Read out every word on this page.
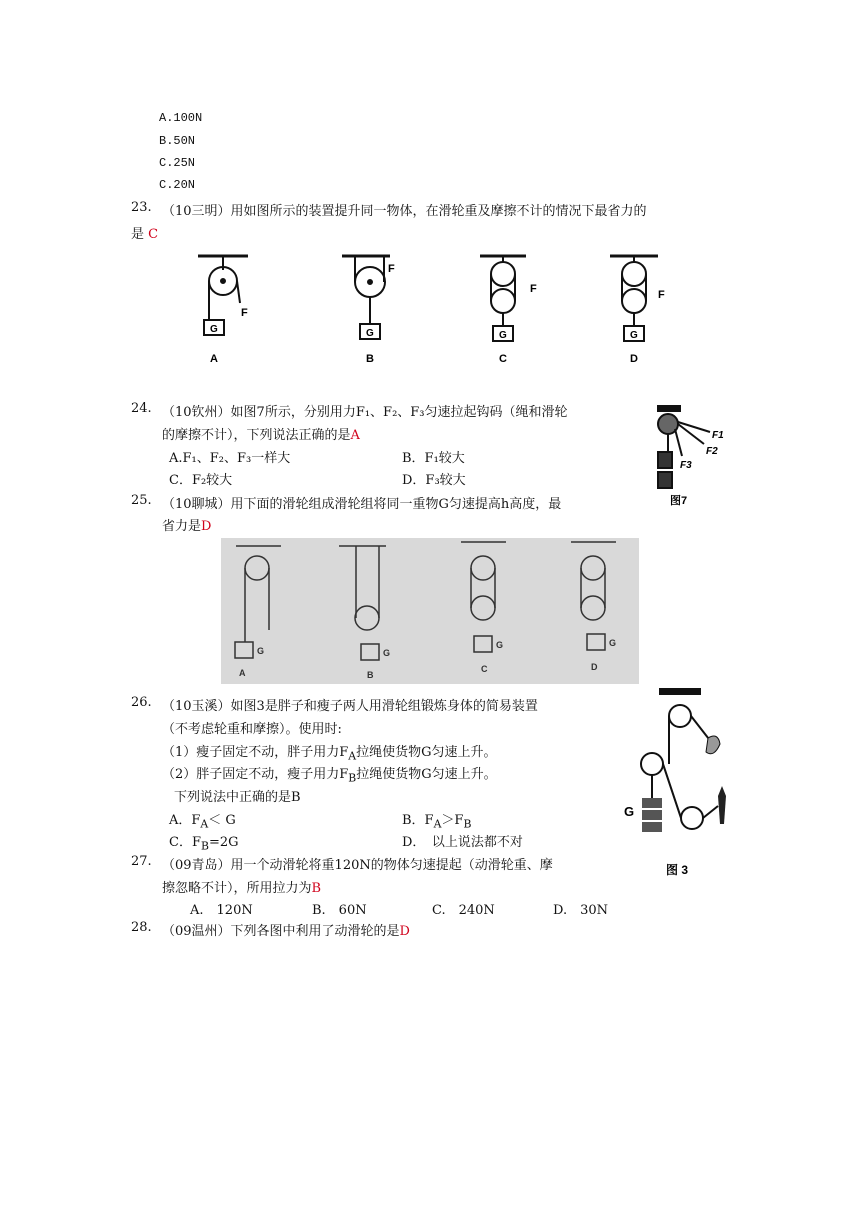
A.100N
B.50N
C.25N
C.20N
23. （10三明）用如图所示的装置提升同一物体，在滑轮重及摩擦不计的情况下最省力的
是 C
F
F
F	F
G	G	G	G
A	B	C	D
24. （10钦州）如图7所示，分别用力F₁、F₂、F₃匀速拉起钩码（绳和滑轮
的摩擦不计），下列说法正确的是A
A.F₁、F₂、F₃一样大	B．F₁较大
C．F₂较大	D．F₃较大
F1
F2
F3
图7
25. （10聊城）用下面的滑轮组成滑轮组将同一重物G匀速提高h高度，最
省力是D
G	G
G	G
A	B
C	D
26. （10玉溪）如图3是胖子和瘦子两人用滑轮组锻炼身体的简易装置
（不考虑轮重和摩擦）。使用时:
（1）瘦子固定不动，胖子用力$F_A$拉绳使货物G匀速上升。
（2）胖子固定不动，瘦子用力$F_B$拉绳使货物G匀速上升。
下列说法中正确的是B
A．$F_A< G$	B．$F_A>F_B$
C．$F_B=2G$	D．　以上说法都不对
G
图 3
27. （09青岛）用一个动滑轮将重120N的物体匀速提起（动滑轮重、摩
擦忽略不计），所用拉力为B
A.　120N	B.　60N	C.　240N	D.　30N
28. （09温州）下列各图中利用了动滑轮的是D
